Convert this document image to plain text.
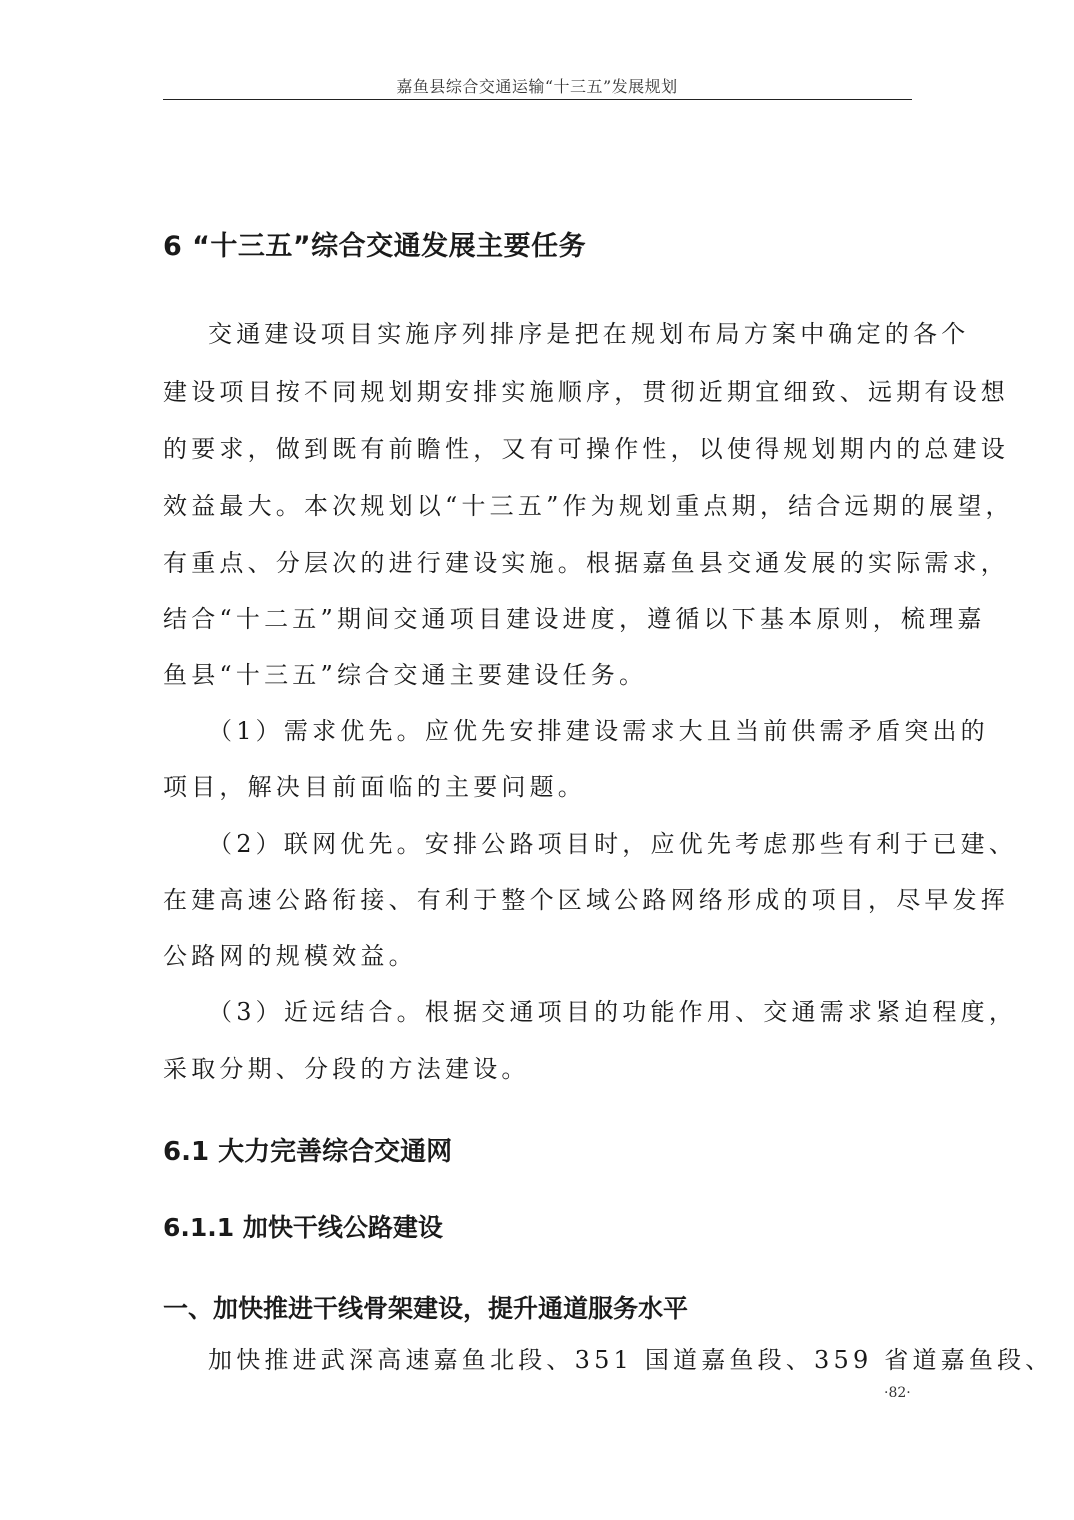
嘉鱼县综合交通运输“十三五”发展规划
6 “十三五”综合交通发展主要任务
交通建设项目实施序列排序是把在规划布局方案中确定的各个
建设项目按不同规划期安排实施顺序，贯彻近期宜细致、远期有设想
的要求，做到既有前瞻性，又有可操作性，以使得规划期内的总建设
效益最大。本次规划以“十三五”作为规划重点期，结合远期的展望，
有重点、分层次的进行建设实施。根据嘉鱼县交通发展的实际需求，
结合“十二五”期间交通项目建设进度，遵循以下基本原则，梳理嘉
鱼县“十三五”综合交通主要建设任务。
（1）需求优先。应优先安排建设需求大且当前供需矛盾突出的
项目，解决目前面临的主要问题。
（2）联网优先。安排公路项目时，应优先考虑那些有利于已建、
在建高速公路衔接、有利于整个区域公路网络形成的项目，尽早发挥
公路网的规模效益。
（3）近远结合。根据交通项目的功能作用、交通需求紧迫程度，
采取分期、分段的方法建设。
6.1 大力完善综合交通网
6.1.1 加快干线公路建设
一、加快推进干线骨架建设，提升通道服务水平
加快推进武深高速嘉鱼北段、351 国道嘉鱼段、359 省道嘉鱼段、
·82·
